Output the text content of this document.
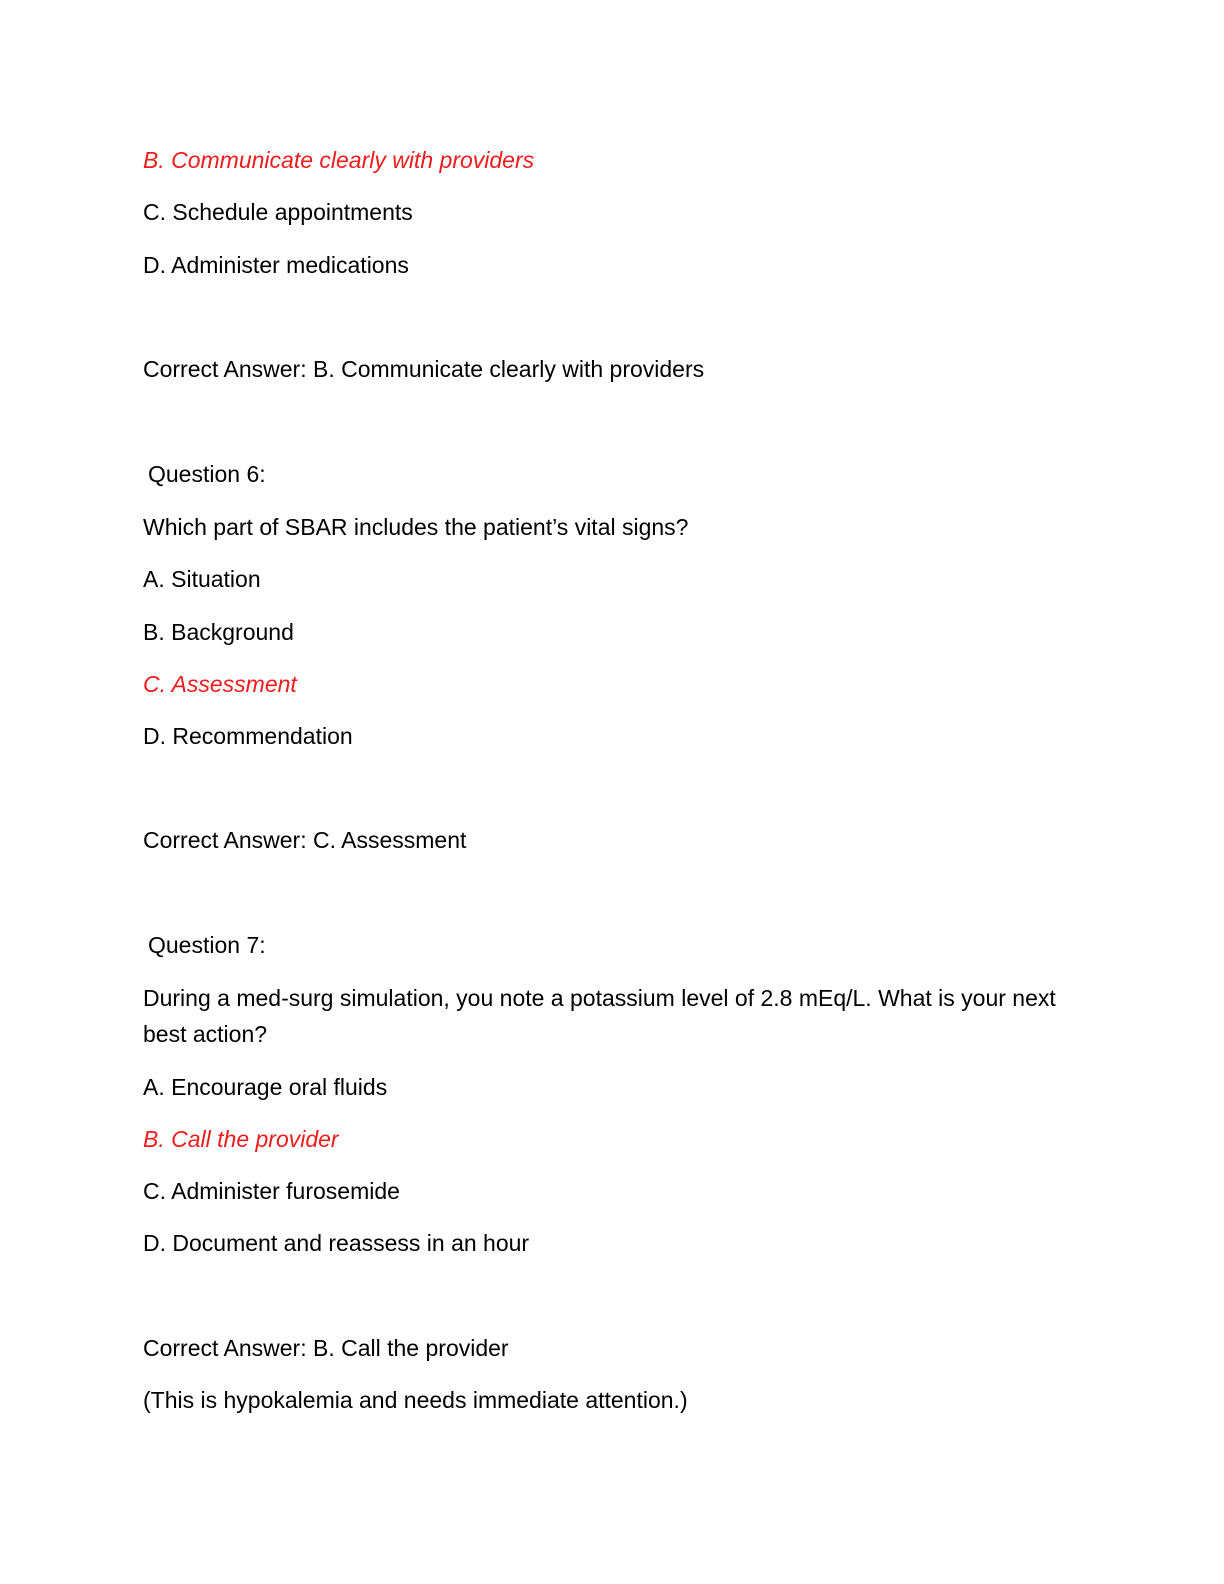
B. Communicate clearly with providers

C. Schedule appointments

D. Administer medications

Correct Answer: B. Communicate clearly with providers

Question 6:

Which part of SBAR includes the patient’s vital signs?

A. Situation

B. Background

C. Assessment

D. Recommendation

Correct Answer: C. Assessment

Question 7:

During a med-surg simulation, you note a potassium level of 2.8 mEq/L. What is your next best action?

A. Encourage oral fluids

B. Call the provider

C. Administer furosemide

D. Document and reassess in an hour

Correct Answer: B. Call the provider

(This is hypokalemia and needs immediate attention.)
